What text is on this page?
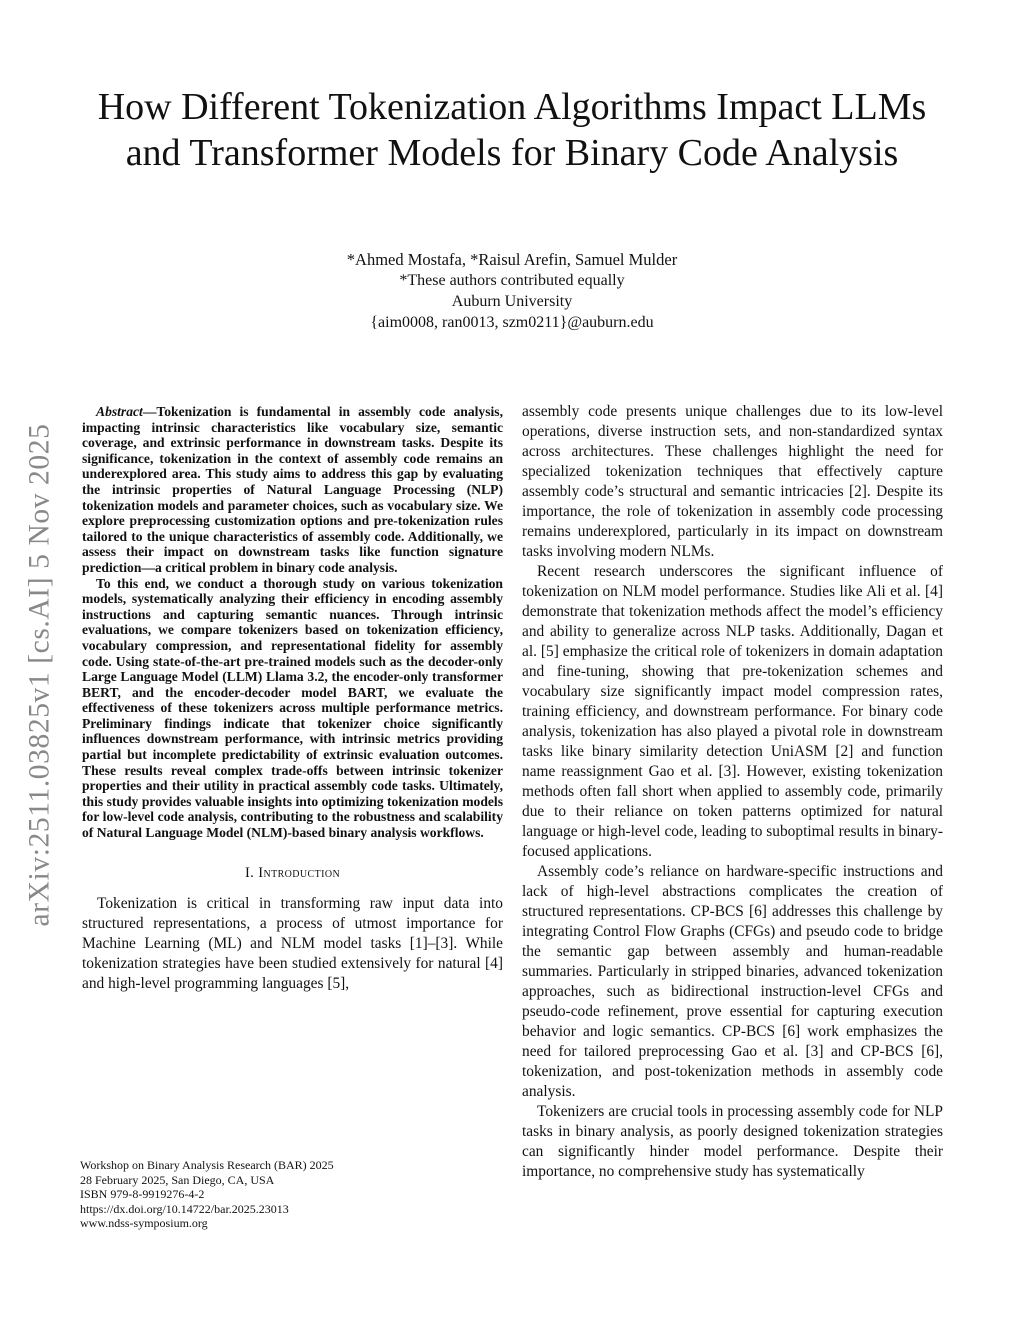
How Different Tokenization Algorithms Impact LLMs and Transformer Models for Binary Code Analysis
*Ahmed Mostafa, *Raisul Arefin, Samuel Mulder
*These authors contributed equally
Auburn University
{aim0008, ran0013, szm0211}@auburn.edu
arXiv:2511.03825v1 [cs.AI] 5 Nov 2025

Abstract—Tokenization is fundamental in assembly code analysis, impacting intrinsic characteristics like vocabulary size, semantic coverage, and extrinsic performance in downstream tasks. Despite its significance, tokenization in the context of assembly code remains an underexplored area. This study aims to address this gap by evaluating the intrinsic properties of Natural Language Processing (NLP) tokenization models and parameter choices, such as vocabulary size. We explore preprocessing customization options and pre-tokenization rules tailored to the unique characteristics of assembly code. Additionally, we assess their impact on downstream tasks like function signature prediction—a critical problem in binary code analysis.

To this end, we conduct a thorough study on various tokenization models, systematically analyzing their efficiency in encoding assembly instructions and capturing semantic nuances. Through intrinsic evaluations, we compare tokenizers based on tokenization efficiency, vocabulary compression, and representational fidelity for assembly code. Using state-of-the-art pre-trained models such as the decoder-only Large Language Model (LLM) Llama 3.2, the encoder-only transformer BERT, and the encoder-decoder model BART, we evaluate the effectiveness of these tokenizers across multiple performance metrics. Preliminary findings indicate that tokenizer choice significantly influences downstream performance, with intrinsic metrics providing partial but incomplete predictability of extrinsic evaluation outcomes. These results reveal complex trade-offs between intrinsic tokenizer properties and their utility in practical assembly code tasks. Ultimately, this study provides valuable insights into optimizing tokenization models for low-level code analysis, contributing to the robustness and scalability of Natural Language Model (NLM)-based binary analysis workflows.

I. Introduction

Tokenization is critical in transforming raw input data into structured representations, a process of utmost importance for Machine Learning (ML) and NLM model tasks [1]–[3]. While tokenization strategies have been studied extensively for natural [4] and high-level programming languages [5],

assembly code presents unique challenges due to its low-level operations, diverse instruction sets, and non-standardized syntax across architectures. These challenges highlight the need for specialized tokenization techniques that effectively capture assembly code’s structural and semantic intricacies [2]. Despite its importance, the role of tokenization in assembly code processing remains underexplored, particularly in its impact on downstream tasks involving modern NLMs.

Recent research underscores the significant influence of tokenization on NLM model performance. Studies like Ali et al. [4] demonstrate that tokenization methods affect the model’s efficiency and ability to generalize across NLP tasks. Additionally, Dagan et al. [5] emphasize the critical role of tokenizers in domain adaptation and fine-tuning, showing that pre-tokenization schemes and vocabulary size significantly impact model compression rates, training efficiency, and downstream performance. For binary code analysis, tokenization has also played a pivotal role in downstream tasks like binary similarity detection UniASM [2] and function name reassignment Gao et al. [3]. However, existing tokenization methods often fall short when applied to assembly code, primarily due to their reliance on token patterns optimized for natural language or high-level code, leading to suboptimal results in binary-focused applications.

Assembly code’s reliance on hardware-specific instructions and lack of high-level abstractions complicates the creation of structured representations. CP-BCS [6] addresses this challenge by integrating Control Flow Graphs (CFGs) and pseudo code to bridge the semantic gap between assembly and human-readable summaries. Particularly in stripped binaries, advanced tokenization approaches, such as bidirectional instruction-level CFGs and pseudo-code refinement, prove essential for capturing execution behavior and logic semantics. CP-BCS [6] work emphasizes the need for tailored preprocessing Gao et al. [3] and CP-BCS [6], tokenization, and post-tokenization methods in assembly code analysis.

Tokenizers are crucial tools in processing assembly code for NLP tasks in binary analysis, as poorly designed tokenization strategies can significantly hinder model performance. Despite their importance, no comprehensive study has systematically

Workshop on Binary Analysis Research (BAR) 2025
28 February 2025, San Diego, CA, USA
ISBN 979-8-9919276-4-2
https://dx.doi.org/10.14722/bar.2025.23013
www.ndss-symposium.org
